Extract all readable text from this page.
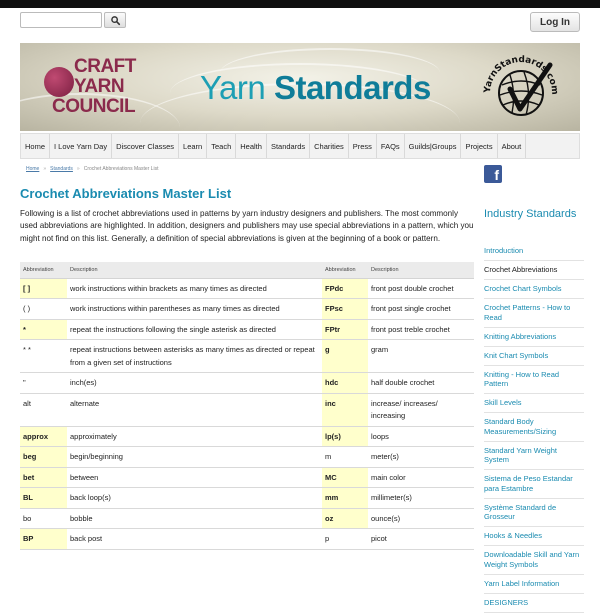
Log In
CRAFT
YARN
COUNCIL
Yarn Standards	YarnStandards.com
Home	I Love Yarn Day	Discover Classes	Learn	Teach	Health	Standards	Charities	Press	FAQs	Guilds|Groups	Projects	About
Home » Standards » Crochet Abbreviations Master List
Crochet Abbreviations Master List

Following is a list of crochet abbreviations used in patterns by yarn industry designers and publishers. The most commonly used abbreviations are highlighted. In addition, designers and publishers may use special abbreviations in a pattern, which you might not find on this list. Generally, a definition of special abbreviations is given at the beginning of a book or pattern.

Abbreviation	Description	Abbreviation	Description
[ ]	work instructions within brackets as many times as directed	FPdc	front post double crochet
( )	work instructions within parentheses as many times as directed	FPsc	front post single crochet
*	repeat the instructions following the single asterisk as directed	FPtr	front post treble crochet
* *	repeat instructions between asterisks as many times as directed or repeat from a given set of instructions	g	gram
"	inch(es)	hdc	half double crochet
alt	alternate	inc	increase/ increases/ increasing
approx	approximately	lp(s)	loops
beg	begin/beginning	m	meter(s)
bet	between	MC	main color
BL	back loop(s)	mm	millimeter(s)
bo	bobble	oz	ounce(s)
BP	back post	p	picot
f
Industry Standards
Introduction
Crochet Abbreviations
Crochet Chart Symbols
Crochet Patterns - How to Read
Knitting Abbreviations
Knit Chart Symbols
Knitting - How to Read Pattern
Skill Levels
Standard Body Measurements/Sizing
Standard Yarn Weight System
Sistema de Peso Estandar para Estambre
Système Standard de Grosseur
Hooks & Needles
Downloadable Skill and Yarn Weight Symbols
Yarn Label Information
DESIGNERS
